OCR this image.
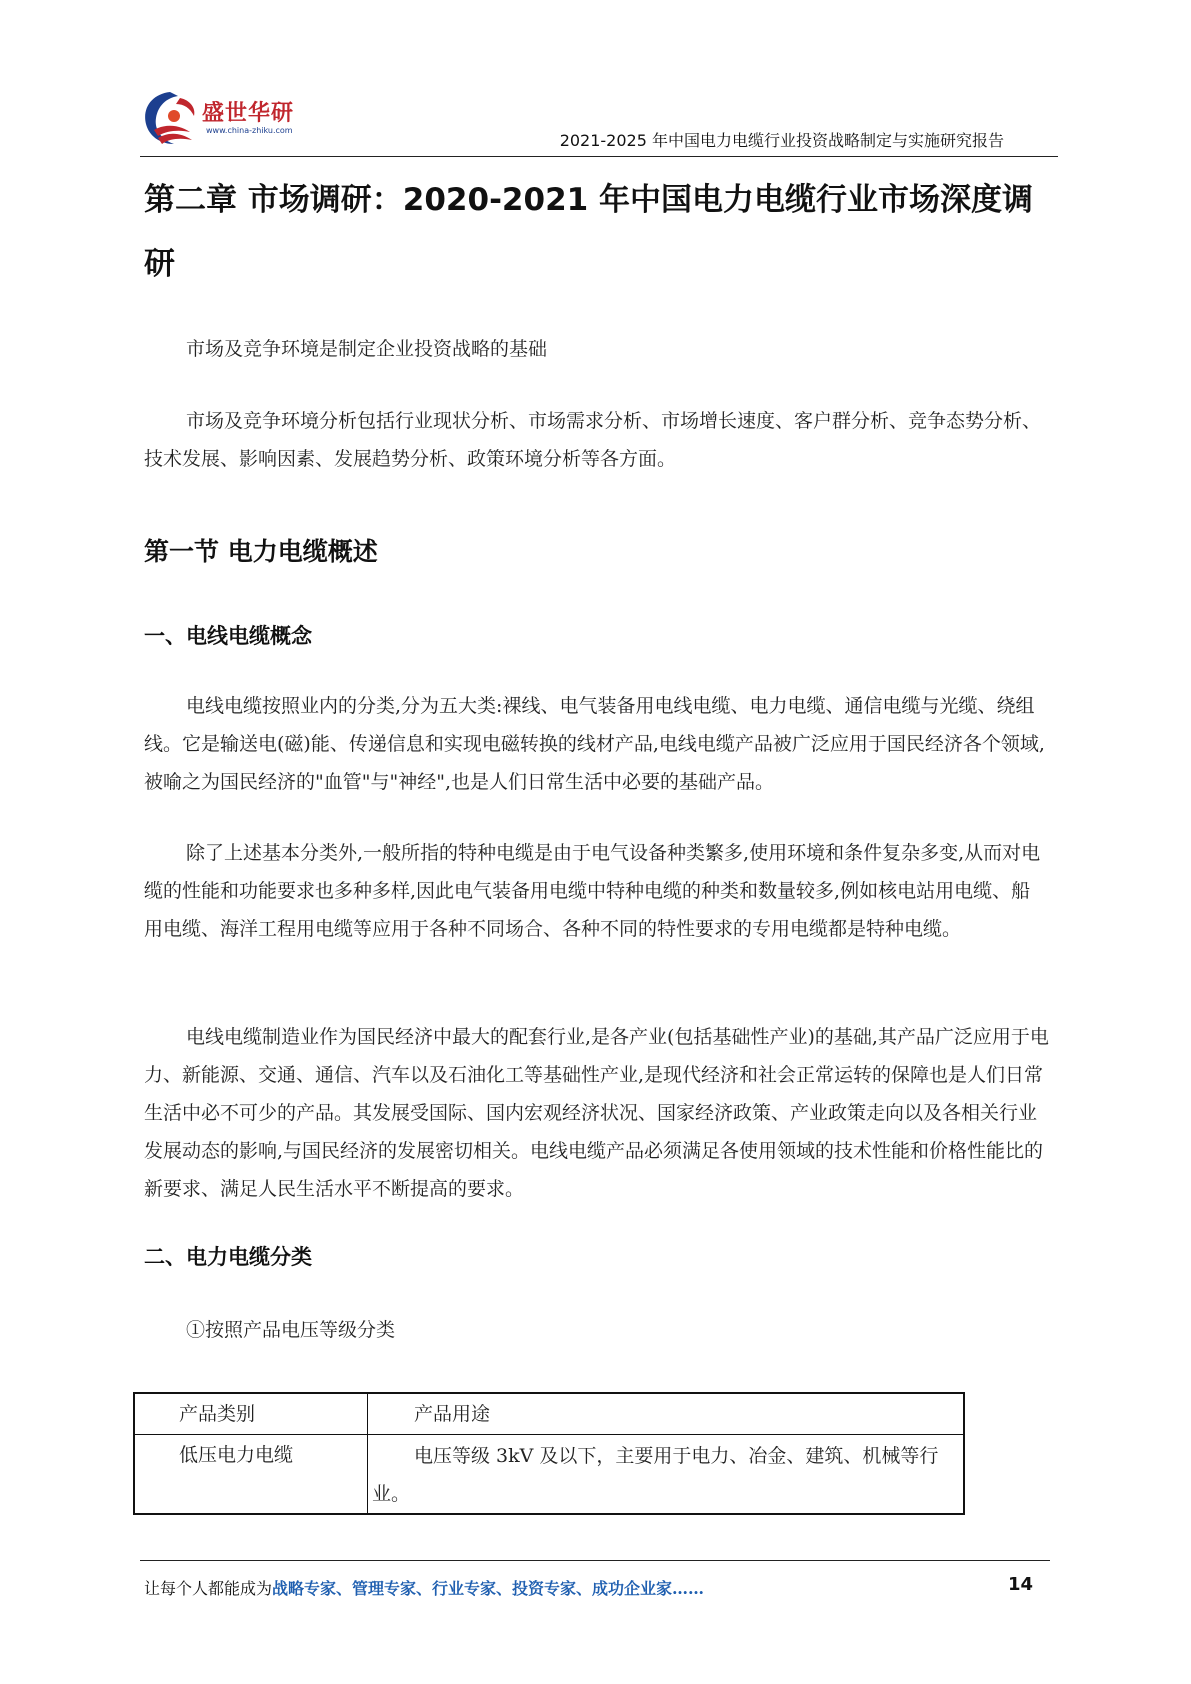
盛世华研
www.china-zhiku.com
2021-2025 年中国电力电缆行业投资战略制定与实施研究报告
第二章 市场调研：2020-2021 年中国电力电缆行业市场深度调研

市场及竞争环境是制定企业投资战略的基础

市场及竞争环境分析包括行业现状分析、市场需求分析、市场增长速度、客户群分析、竞争态势分析、技术发展、影响因素、发展趋势分析、政策环境分析等各方面。

第一节 电力电缆概述
一、电线电缆概念

电线电缆按照业内的分类,分为五大类:裸线、电气装备用电线电缆、电力电缆、通信电缆与光缆、绕组线。它是输送电(磁)能、传递信息和实现电磁转换的线材产品,电线电缆产品被广泛应用于国民经济各个领域,被喻之为国民经济的"血管"与"神经",也是人们日常生活中必要的基础产品。

除了上述基本分类外,一般所指的特种电缆是由于电气设备种类繁多,使用环境和条件复杂多变,从而对电缆的性能和功能要求也多种多样,因此电气装备用电缆中特种电缆的种类和数量较多,例如核电站用电缆、船用电缆、海洋工程用电缆等应用于各种不同场合、各种不同的特性要求的专用电缆都是特种电缆。

电线电缆制造业作为国民经济中最大的配套行业,是各产业(包括基础性产业)的基础,其产品广泛应用于电力、新能源、交通、通信、汽车以及石油化工等基础性产业,是现代经济和社会正常运转的保障也是人们日常生活中必不可少的产品。其发展受国际、国内宏观经济状况、国家经济政策、产业政策走向以及各相关行业发展动态的影响,与国民经济的发展密切相关。电线电缆产品必须满足各使用领域的技术性能和价格性能比的新要求、满足人民生活水平不断提高的要求。

二、电力电缆分类

①按照产品电压等级分类

产品类别	产品用途
低压电力电缆	电压等级 3kV 及以下，主要用于电力、冶金、建筑、机械等行业。
让每个人都能成为战略专家、管理专家、行业专家、投资专家、成功企业家……	14
